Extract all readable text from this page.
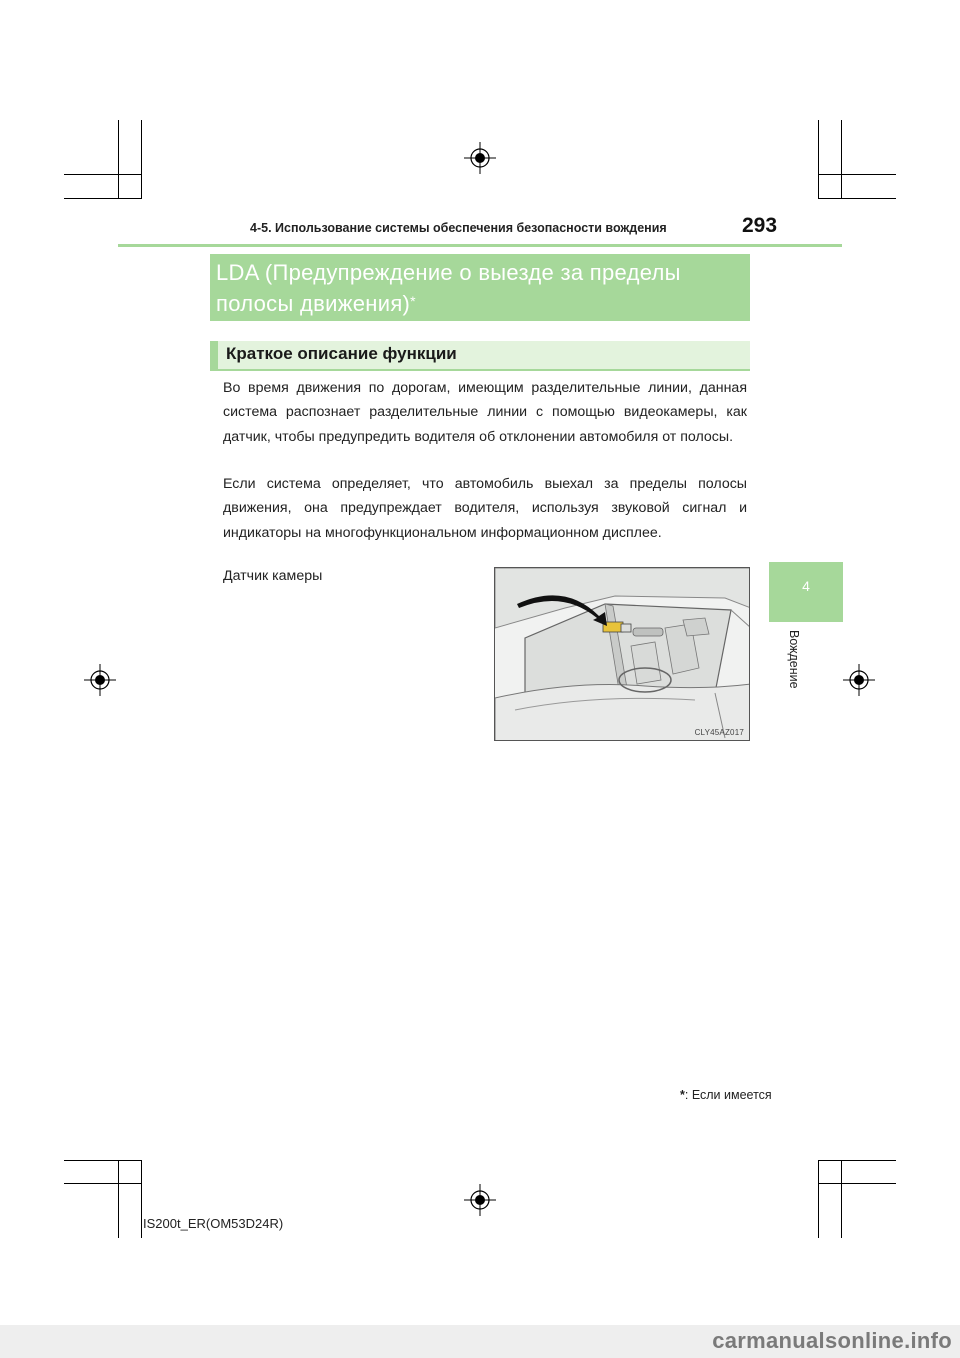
4-5. Использование системы обеспечения безопасности вождения	293
LDA (Предупреждение о выезде за пределы
полосы движения)*
Краткое описание функции
Во время движения по дорогам, имеющим разделительные линии, данная система распознает разделительные линии с помощью видеокамеры, как датчик, чтобы предупредить водителя об отклонении автомобиля от полосы.
Если система определяет, что автомобиль выехал за пределы полосы движения, она предупреждает водителя, используя звуковой сигнал и индикаторы на многофункциональном информационном дисплее.
Датчик камеры
CLY45AZ017
4
Вождение
*: Если имеется
IS200t_ER(OM53D24R)
carmanualsonline.info
